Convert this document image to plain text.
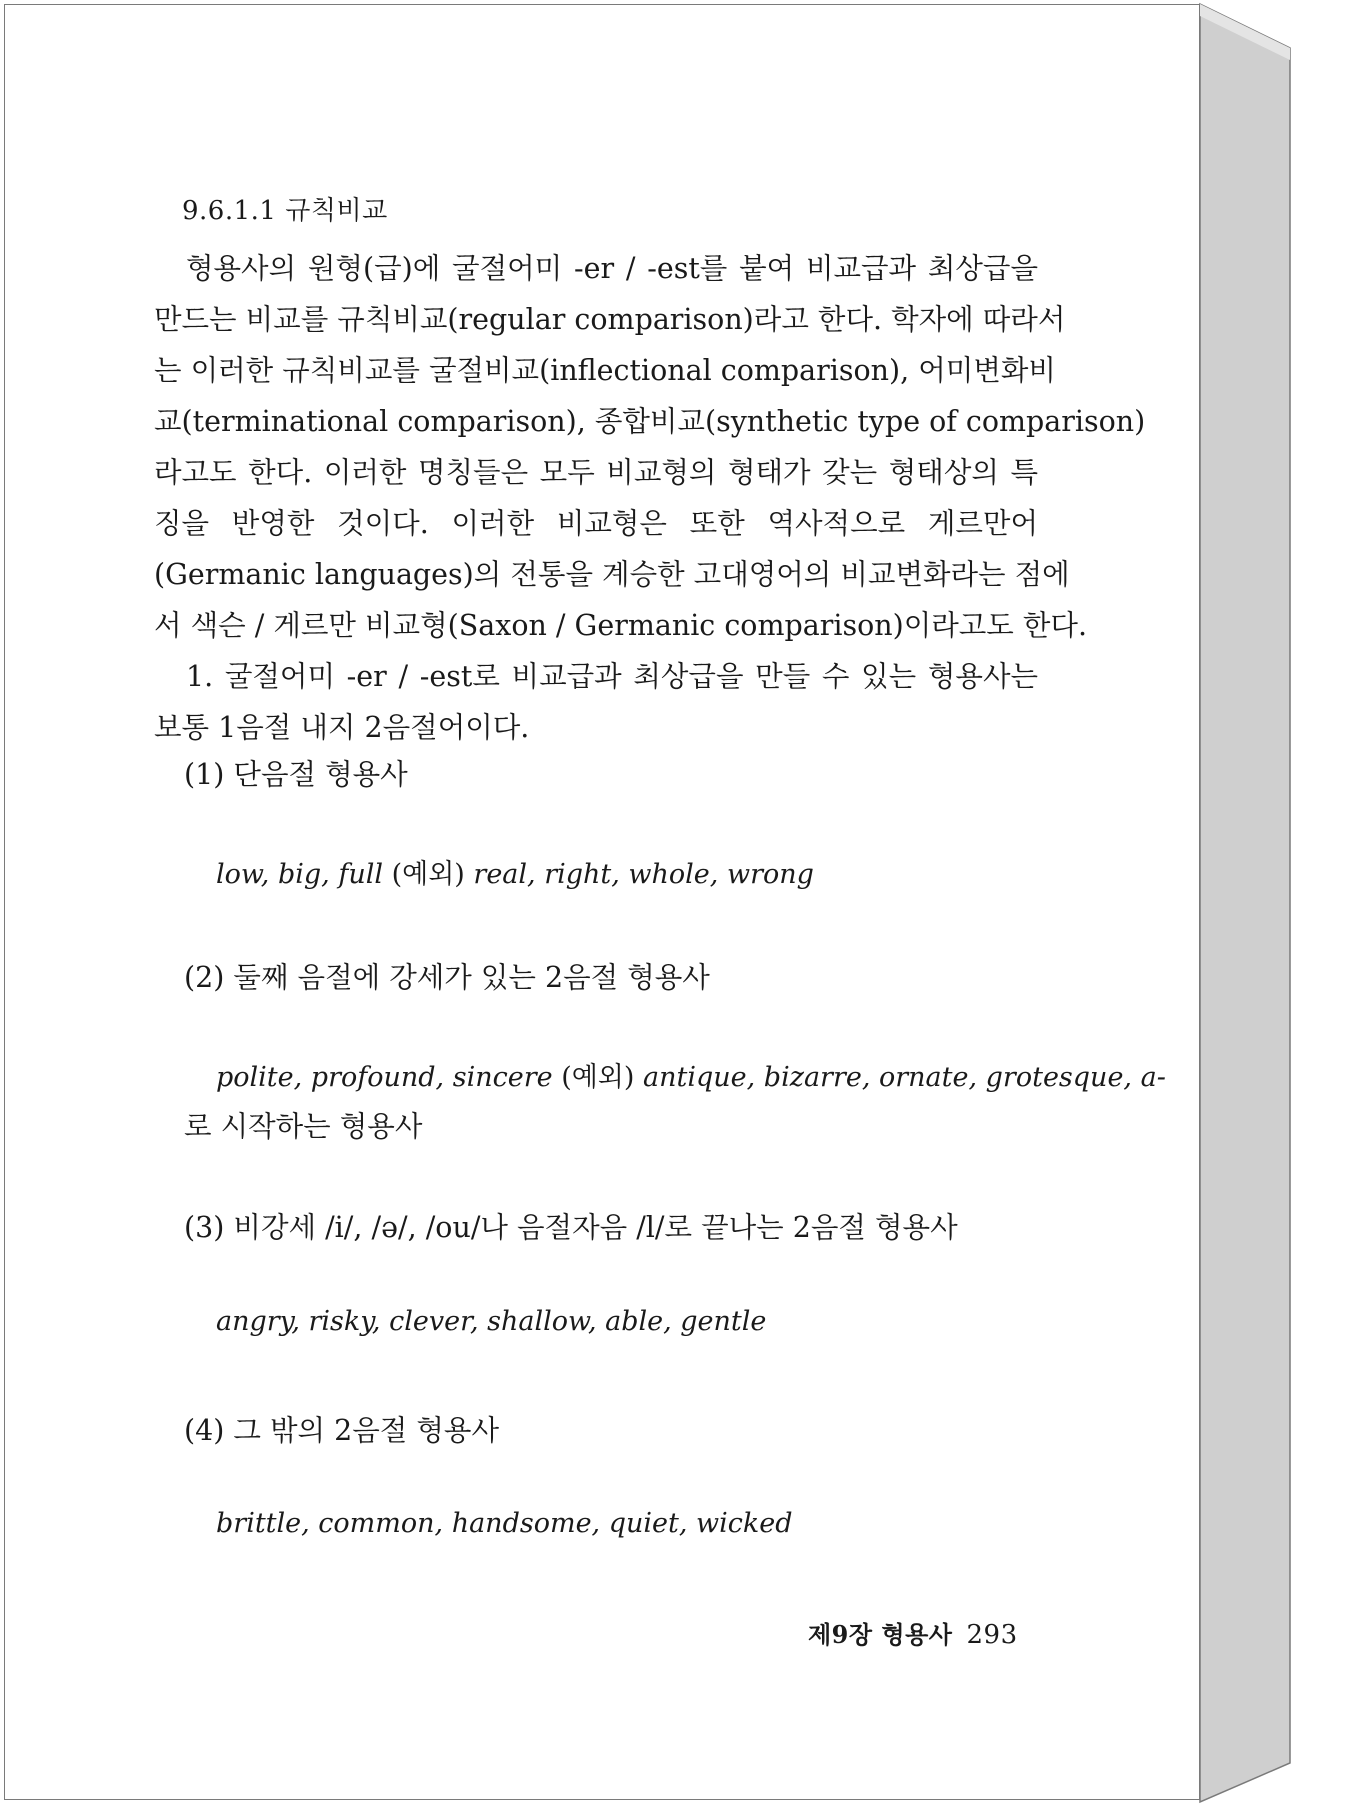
9.6.1.1 규칙비교
형용사의 원형(급)에 굴절어미 -er / -est를 붙여 비교급과 최상급을
만드는 비교를 규칙비교(regular comparison)라고 한다. 학자에 따라서
는 이러한 규칙비교를 굴절비교(inflectional comparison), 어미변화비
교(terminational comparison), 종합비교(synthetic type of comparison)
라고도 한다. 이러한 명칭들은 모두 비교형의 형태가 갖는 형태상의 특
징을 반영한 것이다. 이러한 비교형은 또한 역사적으로 게르만어
(Germanic languages)의 전통을 계승한 고대영어의 비교변화라는 점에
서 색슨 / 게르만 비교형(Saxon / Germanic comparison)이라고도 한다.
1. 굴절어미 -er / -est로 비교급과 최상급을 만들 수 있는 형용사는
보통 1음절 내지 2음절어이다.
(1) 단음절 형용사
low, big, full (예외) real, right, whole, wrong
(2) 둘째 음절에 강세가 있는 2음절 형용사
polite, profound, sincere (예외) antique, bizarre, ornate, grotesque, a-
로 시작하는 형용사
(3) 비강세 /i/, /ə/, /ou/나 음절자음 /l/로 끝나는 2음절 형용사
angry, risky, clever, shallow, able, gentle
(4) 그 밖의 2음절 형용사
brittle, common, handsome, quiet, wicked
제9장 형용사 293
